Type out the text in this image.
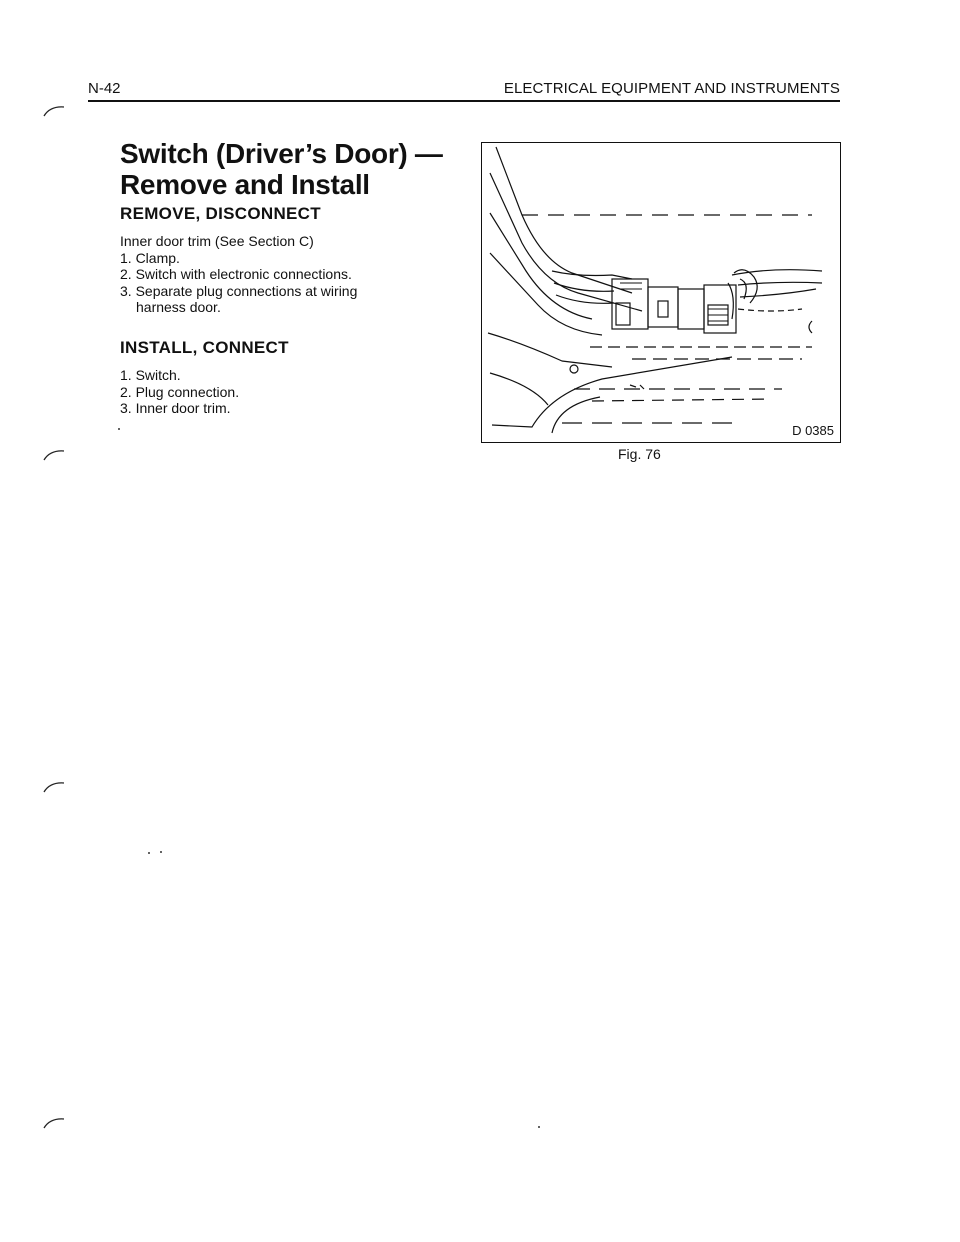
N-42	ELECTRICAL EQUIPMENT AND INSTRUMENTS
Switch (Driver’s Door) —
Remove and Install
REMOVE, DISCONNECT

Inner door trim (See Section C)

1. Clamp.

2. Switch with electronic connections.

3. Separate plug connections at wiring

harness door.

INSTALL, CONNECT

1. Switch.

2. Plug connection.

3. Inner door trim.

D 0385
Fig. 76
